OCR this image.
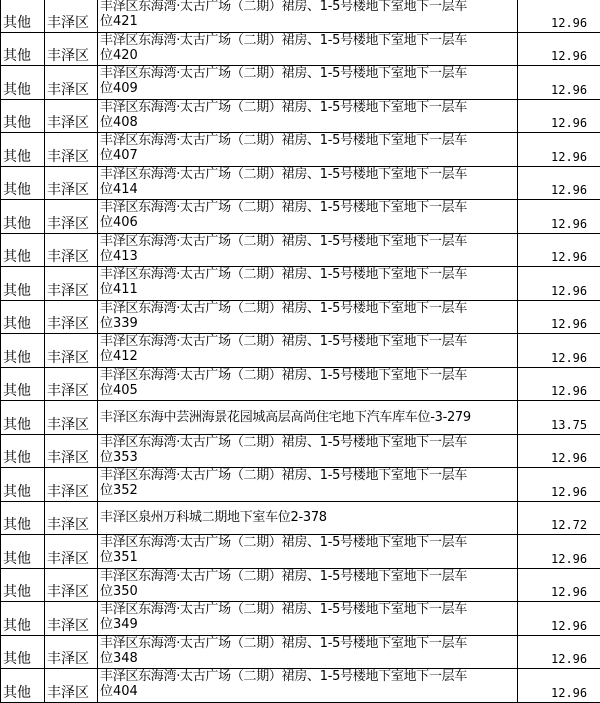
其他	丰泽区	丰泽区东海湾·太古广场（二期）裙房、1-5号楼地下室地下一层车
位421	12.96
其他	丰泽区	丰泽区东海湾·太古广场（二期）裙房、1-5号楼地下室地下一层车
位420	12.96
其他	丰泽区	丰泽区东海湾·太古广场（二期）裙房、1-5号楼地下室地下一层车
位409	12.96
其他	丰泽区	丰泽区东海湾·太古广场（二期）裙房、1-5号楼地下室地下一层车
位408	12.96
其他	丰泽区	丰泽区东海湾·太古广场（二期）裙房、1-5号楼地下室地下一层车
位407	12.96
其他	丰泽区	丰泽区东海湾·太古广场（二期）裙房、1-5号楼地下室地下一层车
位414	12.96
其他	丰泽区	丰泽区东海湾·太古广场（二期）裙房、1-5号楼地下室地下一层车
位406	12.96
其他	丰泽区	丰泽区东海湾·太古广场（二期）裙房、1-5号楼地下室地下一层车
位413	12.96
其他	丰泽区	丰泽区东海湾·太古广场（二期）裙房、1-5号楼地下室地下一层车
位411	12.96
其他	丰泽区	丰泽区东海湾·太古广场（二期）裙房、1-5号楼地下室地下一层车
位339	12.96
其他	丰泽区	丰泽区东海湾·太古广场（二期）裙房、1-5号楼地下室地下一层车
位412	12.96
其他	丰泽区	丰泽区东海湾·太古广场（二期）裙房、1-5号楼地下室地下一层车
位405	12.96
其他	丰泽区	丰泽区东海中芸洲海景花园城高层高尚住宅地下汽车库车位-3-279	13.75
其他	丰泽区	丰泽区东海湾·太古广场（二期）裙房、1-5号楼地下室地下一层车
位353	12.96
其他	丰泽区	丰泽区东海湾·太古广场（二期）裙房、1-5号楼地下室地下一层车
位352	12.96
其他	丰泽区	丰泽区泉州万科城二期地下室车位2-378	12.72
其他	丰泽区	丰泽区东海湾·太古广场（二期）裙房、1-5号楼地下室地下一层车
位351	12.96
其他	丰泽区	丰泽区东海湾·太古广场（二期）裙房、1-5号楼地下室地下一层车
位350	12.96
其他	丰泽区	丰泽区东海湾·太古广场（二期）裙房、1-5号楼地下室地下一层车
位349	12.96
其他	丰泽区	丰泽区东海湾·太古广场（二期）裙房、1-5号楼地下室地下一层车
位348	12.96
其他	丰泽区	丰泽区东海湾·太古广场（二期）裙房、1-5号楼地下室地下一层车
位404	12.96
